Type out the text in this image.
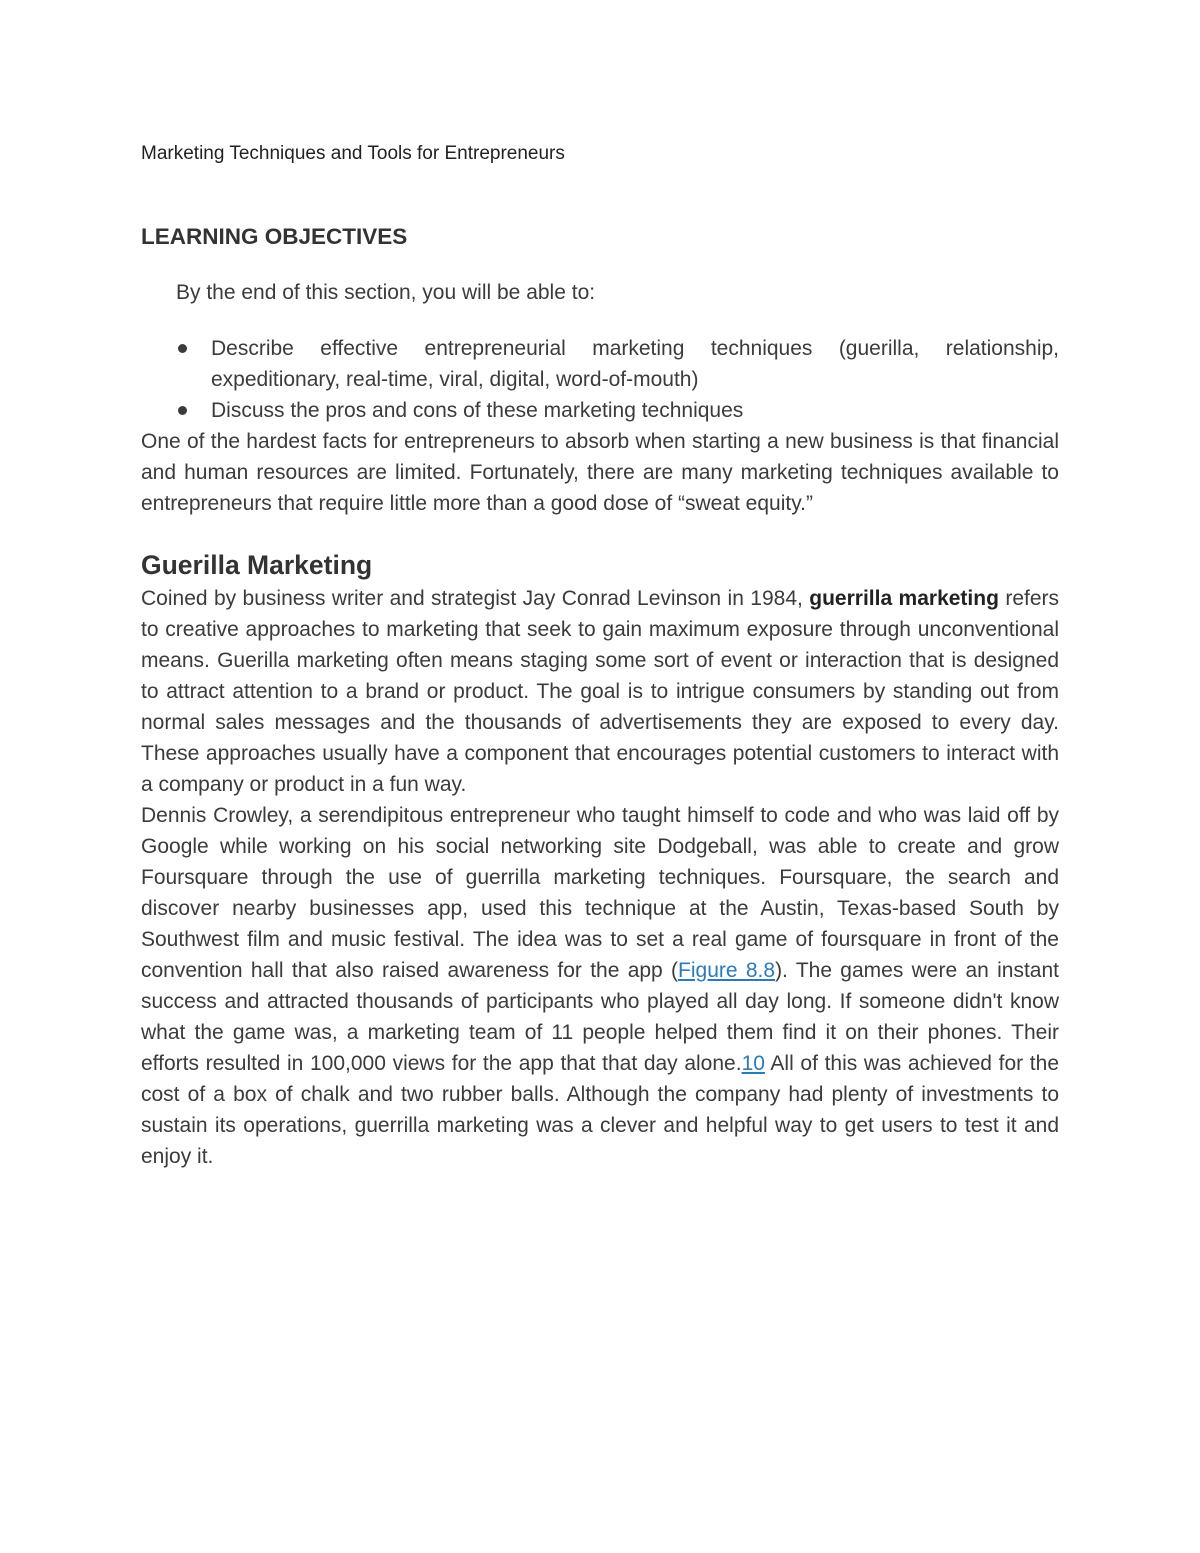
Marketing Techniques and Tools for Entrepreneurs

LEARNING OBJECTIVES

By the end of this section, you will be able to:

Describe effective entrepreneurial marketing techniques (guerilla, relationship, expeditionary, real-time, viral, digital, word-of-mouth)
Discuss the pros and cons of these marketing techniques

One of the hardest facts for entrepreneurs to absorb when starting a new business is that financial and human resources are limited. Fortunately, there are many marketing techniques available to entrepreneurs that require little more than a good dose of “sweat equity.”

Guerilla Marketing

Coined by business writer and strategist Jay Conrad Levinson in 1984, guerrilla marketing refers to creative approaches to marketing that seek to gain maximum exposure through unconventional means. Guerilla marketing often means staging some sort of event or interaction that is designed to attract attention to a brand or product. The goal is to intrigue consumers by standing out from normal sales messages and the thousands of advertisements they are exposed to every day. These approaches usually have a component that encourages potential customers to interact with a company or product in a fun way.

Dennis Crowley, a serendipitous entrepreneur who taught himself to code and who was laid off by Google while working on his social networking site Dodgeball, was able to create and grow Foursquare through the use of guerrilla marketing techniques. Foursquare, the search and discover nearby businesses app, used this technique at the Austin, Texas-based South by Southwest film and music festival. The idea was to set a real game of foursquare in front of the convention hall that also raised awareness for the app (Figure 8.8). The games were an instant success and attracted thousands of participants who played all day long. If someone didn't know what the game was, a marketing team of 11 people helped them find it on their phones. Their efforts resulted in 100,000 views for the app that that day alone.10 All of this was achieved for the cost of a box of chalk and two rubber balls. Although the company had plenty of investments to sustain its operations, guerrilla marketing was a clever and helpful way to get users to test it and enjoy it.
